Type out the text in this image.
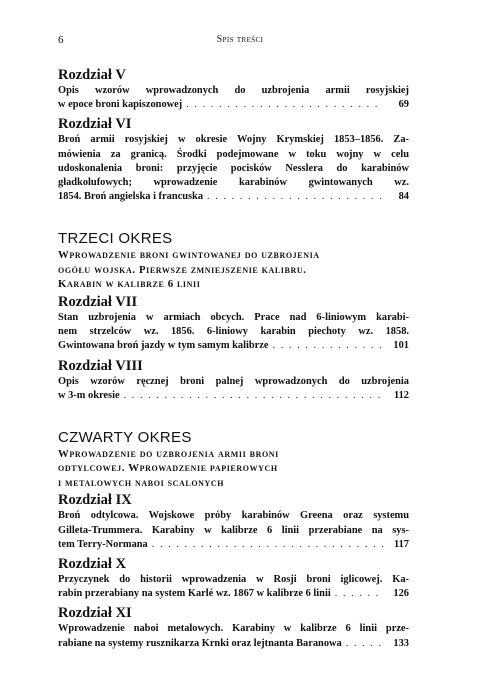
6	Spis treści
Rozdział V
Opis wzorów wprowadzonych do uzbrojenia armii rosyjskiej
w epoce broni kapiszonowej . . .	69
Rozdział VI
Broń armii rosyjskiej w okresie Wojny Krymskiej 1853–1856. Za-
mówienia za granicą. Środki podejmowane w toku wojny w celu
udoskonalenia broni: przyjęcie pocisków Nesslera do karabinów
gładkolufowych; wprowadzenie karabinów gwintowanych wz.
1854. Broń angielska i francuska . . .	84
TRZECI OKRES
Wprowadzenie broni gwintowanej do uzbrojenia
ogółu wojska. Pierwsze zmniejszenie kalibru.
Karabin w kalibrze 6 linii
Rozdział VII
Stan uzbrojenia w armiach obcych. Prace nad 6-liniowym karabi-
nem strzelców wz. 1856. 6-liniowy karabin piechoty wz. 1858.
Gwintowana broń jazdy w tym samym kalibrze . . .	101
Rozdział VIII
Opis wzorów ręcznej broni palnej wprowadzonych do uzbrojenia
w 3-m okresie . . .	112
CZWARTY OKRES
Wprowadzenie do uzbrojenia armii broni
odtylcowej. Wprowadzenie papierowych
i metalowych naboi scalonych
Rozdział IX
Broń odtylcowa. Wojskowe próby karabinów Greena oraz systemu
Gilleta-Trummera. Karabiny w kalibrze 6 linii przerabiane na sys-
tem Terry-Normana . . .	117
Rozdział X
Przyczynek do historii wprowadzenia w Rosji broni iglicowej. Ka-
rabin przerabiany na system Karlé wz. 1867 w kalibrze 6 linii . . .	126
Rozdział XI
Wprowadzenie naboi metalowych. Karabiny w kalibrze 6 linii prze-
rabiane na systemy rusznikarza Krnki oraz lejtnanta Baranowa . . .	133
